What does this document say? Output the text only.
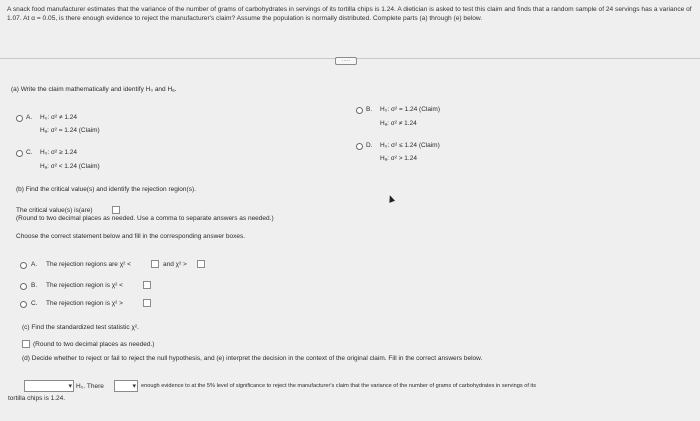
A snack food manufacturer estimates that the variance of the number of grams of carbohydrates in servings of its tortilla chips is 1.24. A dietician is asked to test this claim and finds that a random sample of 24 servings has a variance of 1.07. At α = 0.05, is there enough evidence to reject the manufacturer's claim? Assume the population is normally distributed. Complete parts (a) through (e) below.
·····
(a) Write the claim mathematically and identify H₀ and Hₐ.
A. H₀: σ² ≠ 1.24
Hₐ: σ² = 1.24 (Claim)
C. H₀: σ² ≥ 1.24
Hₐ: σ² < 1.24 (Claim)
B. H₀: σ² = 1.24 (Claim)
Hₐ: σ² ≠ 1.24
D. H₀: σ² ≤ 1.24 (Claim)
Hₐ: σ² > 1.24
(b) Find the critical value(s) and identify the rejection region(s).
The critical value(s) is(are)
(Round to two decimal places as needed. Use a comma to separate answers as needed.)
Choose the correct statement below and fill in the corresponding answer boxes.
A. The rejection regions are χ² <	and χ² >
B. The rejection region is χ² <
C. The rejection region is χ² >
(c) Find the standardized test statistic χ².
(Round to two decimal places as needed.)
(d) Decide whether to reject or fail to reject the null hypothesis, and (e) interpret the decision in the context of the original claim. Fill in the correct answers below.
▾ H₀. There	▾ enough evidence to at the 5% level of significance to reject the manufacturer's claim that the variance of the number of grams of carbohydrates in servings of its
tortilla chips is 1.24.
